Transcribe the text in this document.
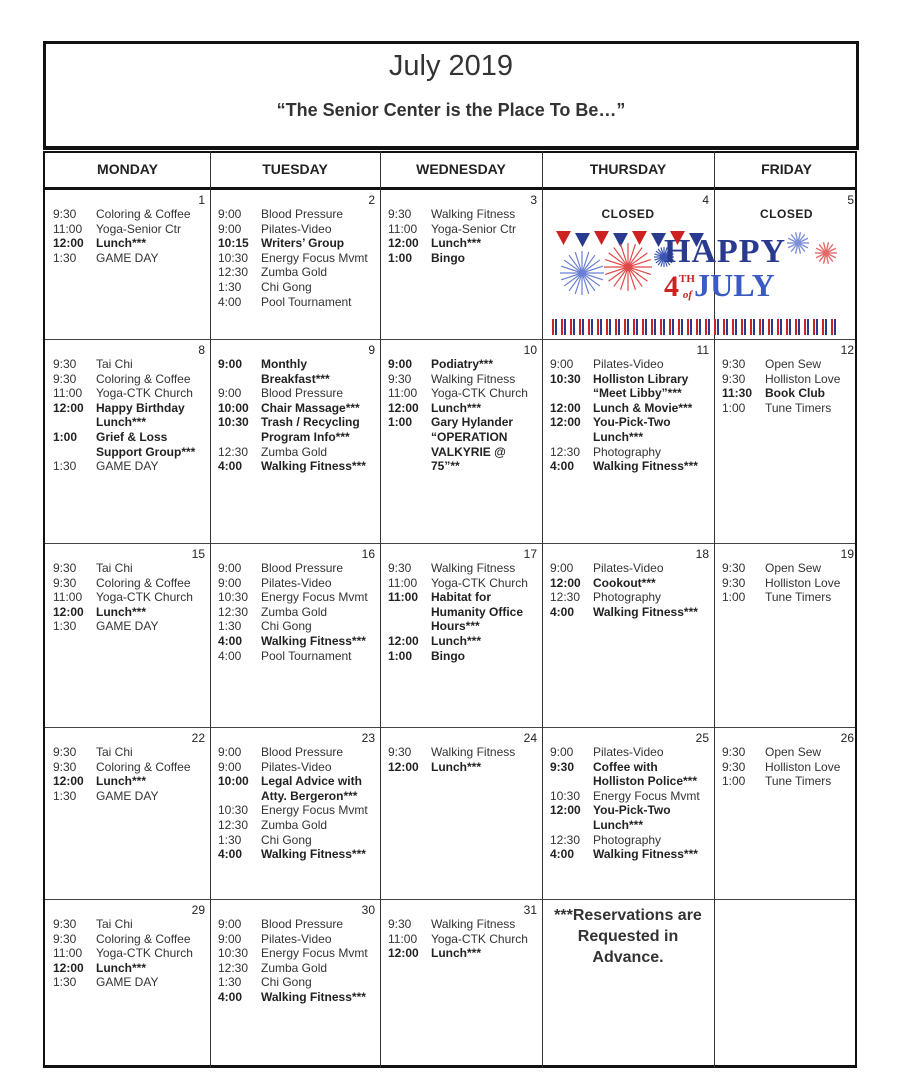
July 2019
“The Senior Center is the Place To Be…”
MONDAY	TUESDAY	WEDNESDAY	THURSDAY	FRIDAY
1
9:30	Coloring & Coffee
11:00	Yoga-Senior Ctr
12:00	Lunch***
1:30	GAME DAY
2
9:00	Blood Pressure
9:00	Pilates-Video
10:15	Writers’ Group
10:30	Energy Focus Mvmt
12:30	Zumba Gold
1:30	Chi Gong
4:00	Pool Tournament
3
9:30	Walking Fitness
11:00	Yoga-Senior Ctr
12:00	Lunch***
1:00	Bingo
4
CLOSED
HAPPY
4THofJULY
5
CLOSED
8
9:30	Tai Chi
9:30	Coloring & Coffee
11:00	Yoga-CTK Church
12:00	Happy Birthday Lunch***
1:00	Grief & Loss Support Group***
1:30	GAME DAY
9
9:00	Monthly Breakfast***
9:00	Blood Pressure
10:00	Chair Massage***
10:30	Trash / Recycling Program Info***
12:30	Zumba Gold
4:00	Walking Fitness***
10
9:00	Podiatry***
9:30	Walking Fitness
11:00	Yoga-CTK Church
12:00	Lunch***
1:00	Gary Hylander “OPERATION VALKYRIE @ 75”**
11
9:00	Pilates-Video
10:30	Holliston Library “Meet Libby”***
12:00	Lunch & Movie***
12:00	You-Pick-Two Lunch***
12:30	Photography
4:00	Walking Fitness***
12
9:30	Open Sew
9:30	Holliston Love
11:30	Book Club
1:00	Tune Timers
15
9:30	Tai Chi
9:30	Coloring & Coffee
11:00	Yoga-CTK Church
12:00	Lunch***
1:30	GAME DAY
16
9:00	Blood Pressure
9:00	Pilates-Video
10:30	Energy Focus Mvmt
12:30	Zumba Gold
1:30	Chi Gong
4:00	Walking Fitness***
4:00	Pool Tournament
17
9:30	Walking Fitness
11:00	Yoga-CTK Church
11:00	Habitat for Humanity Office Hours***
12:00	Lunch***
1:00	Bingo
18
9:00	Pilates-Video
12:00	Cookout***
12:30	Photography
4:00	Walking Fitness***
19
9:30	Open Sew
9:30	Holliston Love
1:00	Tune Timers
22
9:30	Tai Chi
9:30	Coloring & Coffee
12:00	Lunch***
1:30	GAME DAY
23
9:00	Blood Pressure
9:00	Pilates-Video
10:00	Legal Advice with Atty. Bergeron***
10:30	Energy Focus Mvmt
12:30	Zumba Gold
1:30	Chi Gong
4:00	Walking Fitness***
24
9:30	Walking Fitness
12:00	Lunch***
25
9:00	Pilates-Video
9:30	Coffee with Holliston Police***
10:30	Energy Focus Mvmt
12:00	You-Pick-Two Lunch***
12:30	Photography
4:00	Walking Fitness***
26
9:30	Open Sew
9:30	Holliston Love
1:00	Tune Timers
29
9:30	Tai Chi
9:30	Coloring & Coffee
11:00	Yoga-CTK Church
12:00	Lunch***
1:30	GAME DAY
30
9:00	Blood Pressure
9:00	Pilates-Video
10:30	Energy Focus Mvmt
12:30	Zumba Gold
1:30	Chi Gong
4:00	Walking Fitness***
31
9:30	Walking Fitness
11:00	Yoga-CTK Church
12:00	Lunch***
***Reservations are Requested in Advance.
